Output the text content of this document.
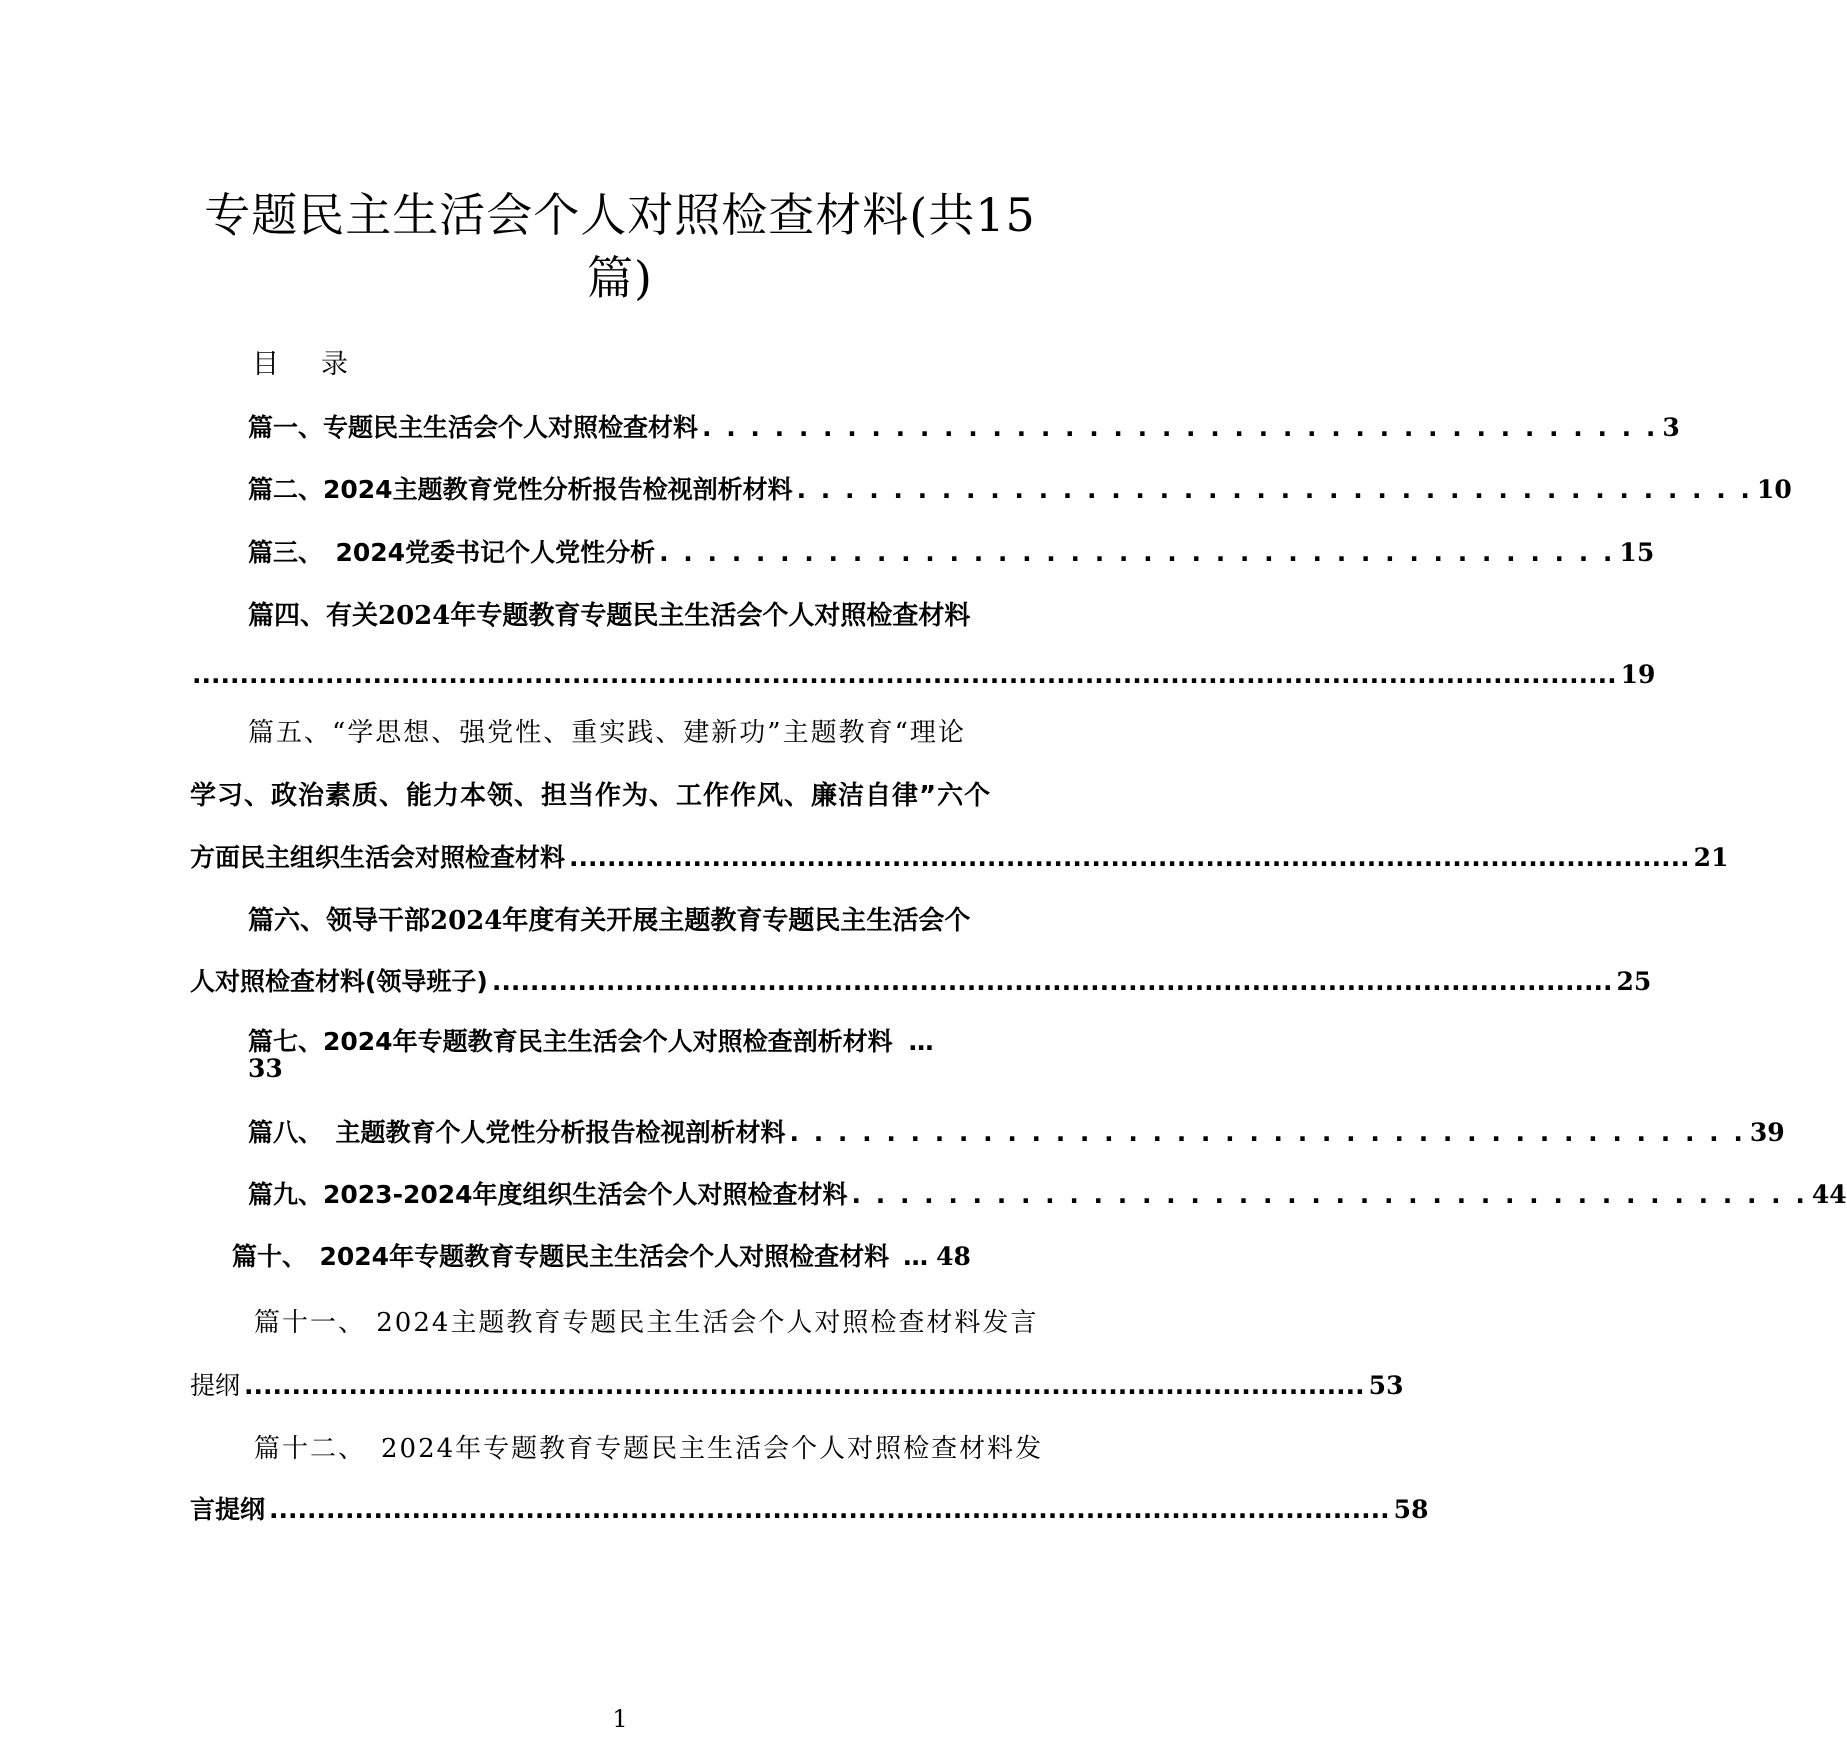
专题民主生活会个人对照检查材料(共15
篇)
目 录
篇一、专题民主生活会个人对照检查材料 . . . . . . . . . . . . . . . . . . . . . . . . . . . . . . . . . . . . . . . . 3
篇二、2024主题教育党性分析报告检视剖析材料 . . . . . . . . . . . . . . . . . . . . . . . . . . . . . . . . . . . . . . . . 10
篇三、　2024党委书记个人党性分析 . . . . . . . . . . . . . . . . . . . . . . . . . . . . . . . . . . . . . . . . 15
篇四、有关2024年专题教育专题民主生活会个人对照检查材料
...................................................................................................................................................... 19
篇五、“学思想、强党性、重实践、建新功”主题教育“理论
学习、政治素质、能力本领、担当作为、工作作风、廉洁自律”六个
方面民主组织生活会对照检查材料 ...................................................................................................................... 21
篇六、领导干部2024年度有关开展主题教育专题民主生活会个
人对照检查材料(领导班子) ...................................................................................................................... 25
篇七、2024年专题教育民主生活会个人对照检查剖析材料 …
33
篇八、　主题教育个人党性分析报告检视剖析材料 . . . . . . . . . . . . . . . . . . . . . . . . . . . . . . . . . . . . . . . . 39
篇九、2023-2024年度组织生活会个人对照检查材料 . . . . . . . . . . . . . . . . . . . . . . . . . . . . . . . . . . . . . . . . 44
篇十、　2024年专题教育专题民主生活会个人对照检查材料 … 48
篇十一、 2024主题教育专题民主生活会个人对照检查材料发言
提纲 ...................................................................................................................... 53
篇十二、　2024年专题教育专题民主生活会个人对照检查材料发
言提纲 ...................................................................................................................... 58
1
